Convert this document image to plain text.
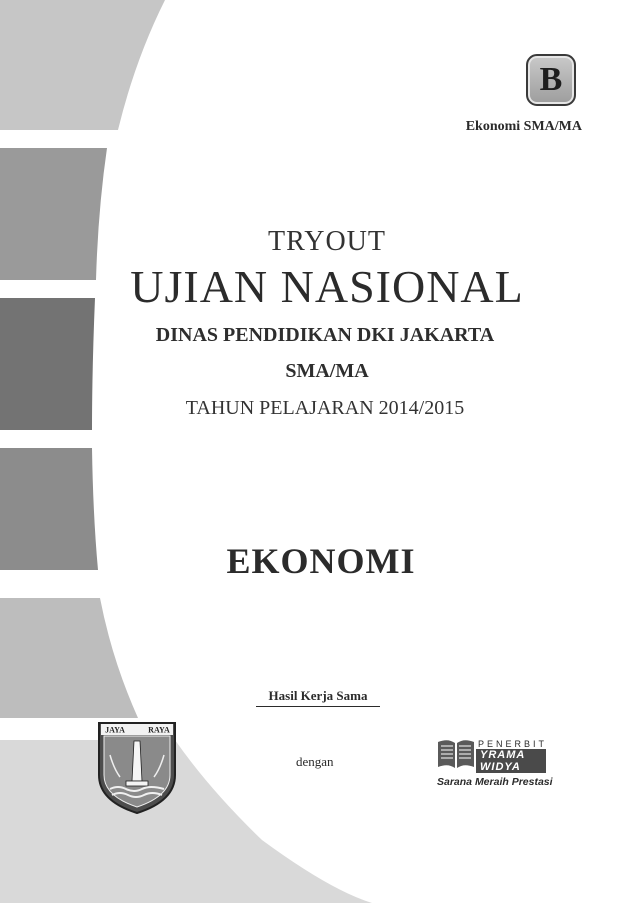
B
Ekonomi SMA/MA
TRYOUT
UJIAN NASIONAL
DINAS PENDIDIKAN DKI JAKARTA
SMA/MA
TAHUN PELAJARAN 2014/2015
EKONOMI
Hasil Kerja Sama
dengan
JAYA	RAYA
PENERBIT
YRAMA WIDYA
Sarana Meraih Prestasi
